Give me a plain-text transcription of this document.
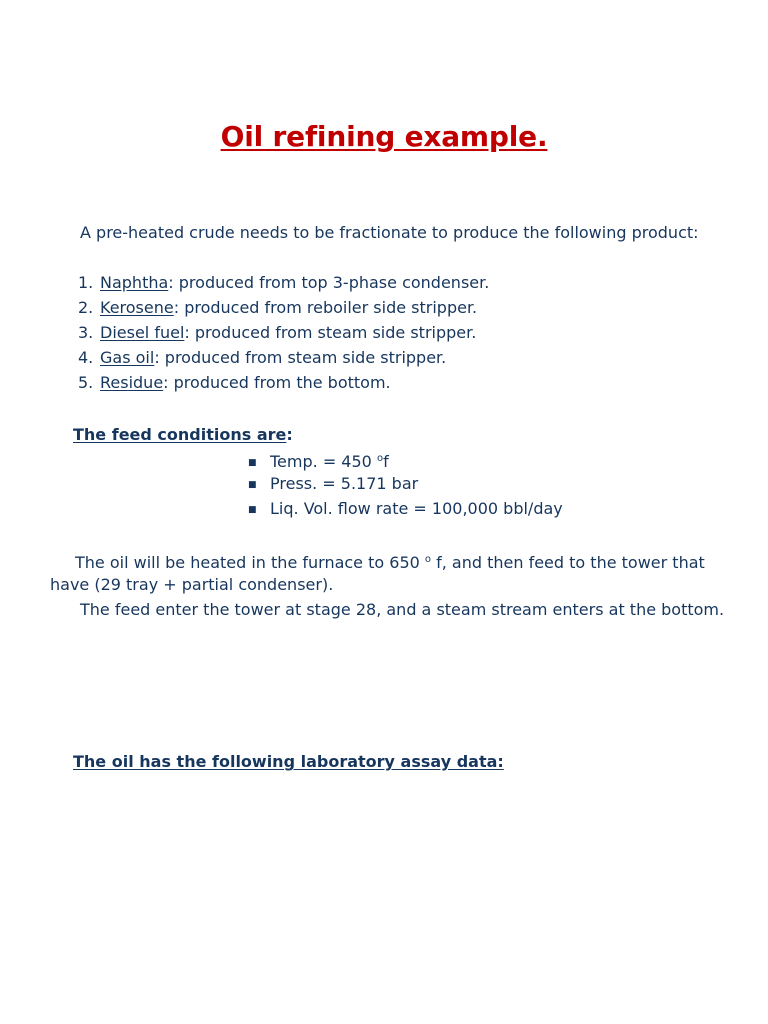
Oil refining example.
A pre-heated crude needs to be fractionate to produce the following product:
1. Naphtha: produced from top 3-phase condenser.
2. Kerosene: produced from reboiler side stripper.
3. Diesel fuel: produced from steam side stripper.
4. Gas oil: produced from steam side stripper.
5. Residue: produced from the bottom.
The feed conditions are:
■ Temp. = 450 $^o$f
■ Press. = 5.171 bar
■ Liq. Vol. flow rate = 100,000 bbl/day
The oil will be heated in the furnace to 650 $^o$ f, and then feed to the tower that
have (29 tray + partial condenser).
The feed enter the tower at stage 28, and a steam stream enters at the bottom.
The oil has the following laboratory assay data:
